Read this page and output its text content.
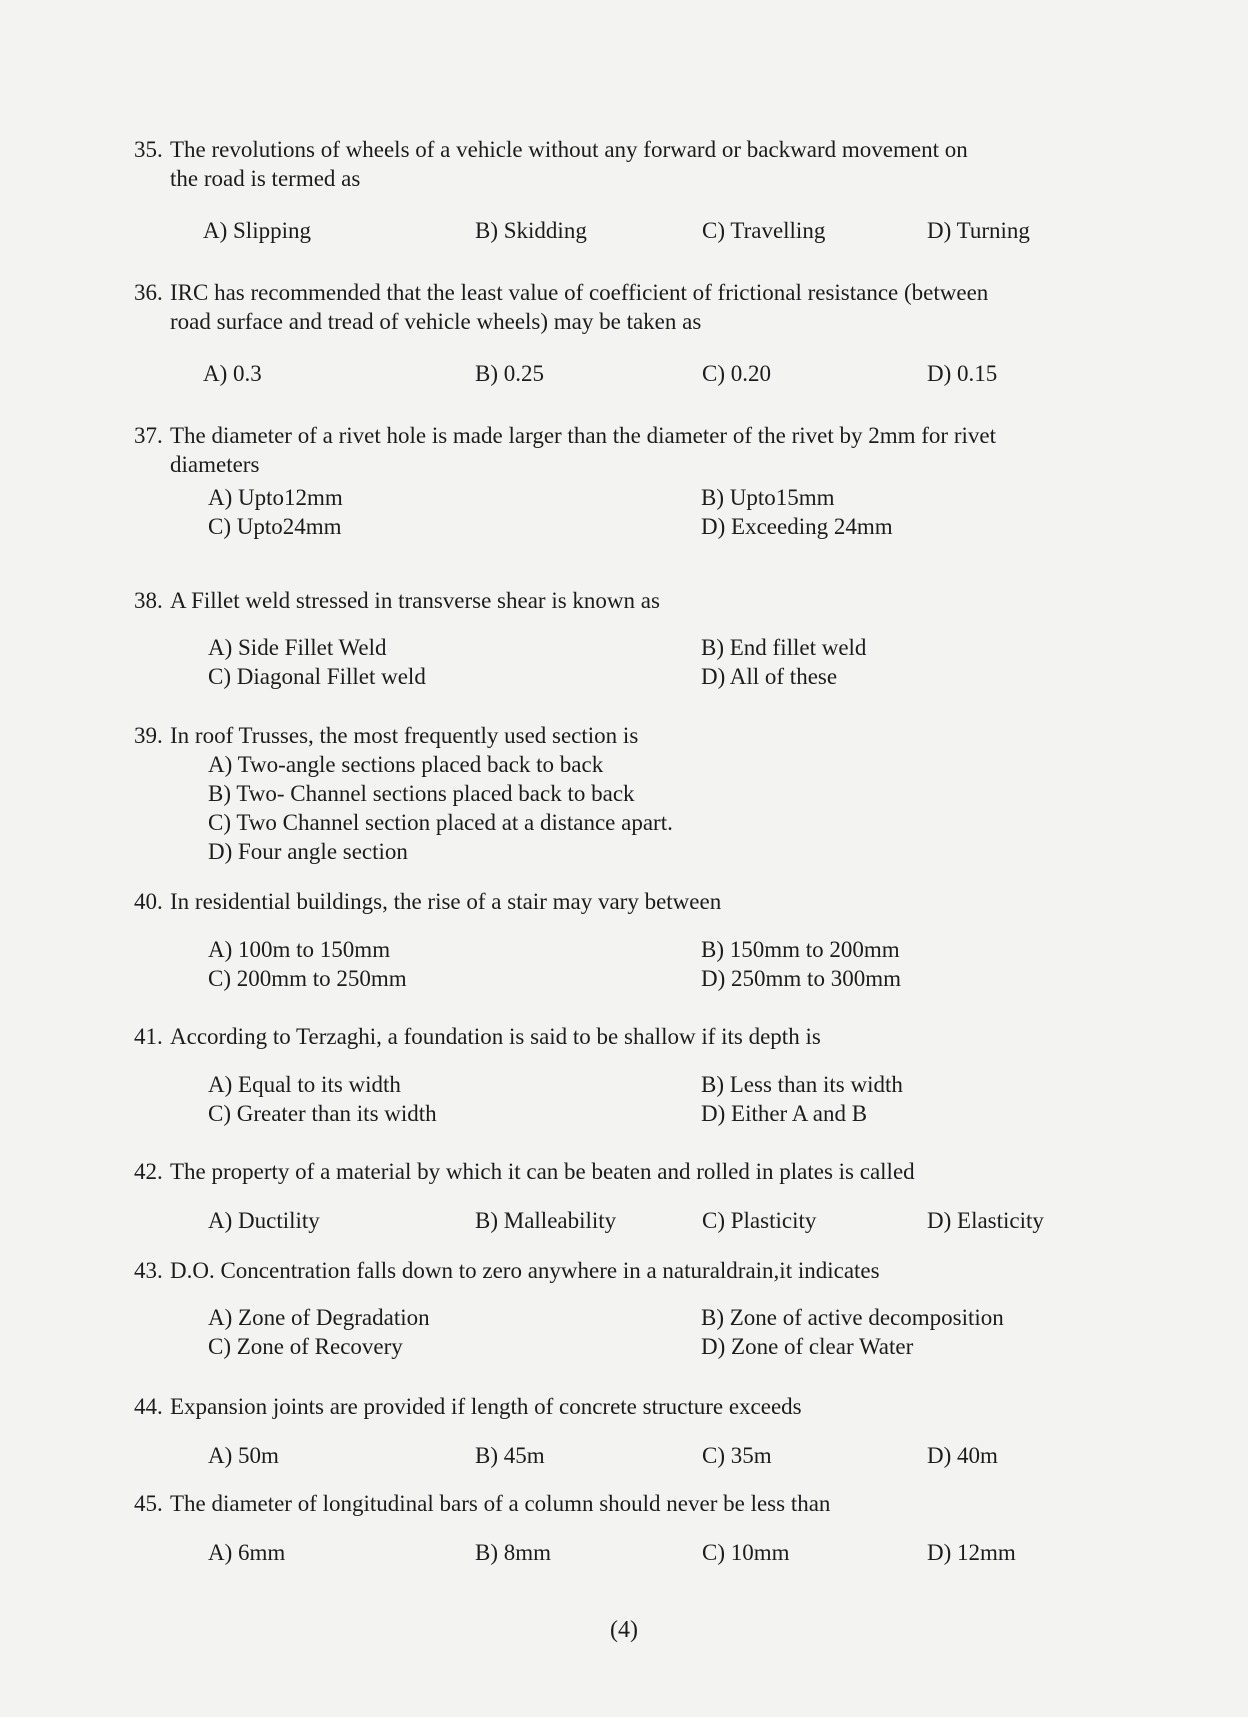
35. The revolutions of wheels of a vehicle without any forward or backward movement on
the road is termed as

A) Slipping	B) Skidding	C) Travelling	D) Turning

36. IRC has recommended that the least value of coefficient of frictional resistance (between
road surface and tread of vehicle wheels) may be taken as

A) 0.3	B) 0.25	C) 0.20	D) 0.15

37. The diameter of a rivet hole is made larger than the diameter of the rivet by 2mm for rivet
diameters

A) Upto12mm	B) Upto15mm
C) Upto24mm	D) Exceeding 24mm

38. A Fillet weld stressed in transverse shear is known as

A) Side Fillet Weld	B) End fillet weld
C) Diagonal Fillet weld	D) All of these

39. In roof Trusses, the most frequently used section is

A) Two-angle sections placed back to back
B) Two- Channel sections placed back to back
C) Two Channel section placed at a distance apart.
D) Four angle section

40. In residential buildings, the rise of a stair may vary between

A) 100m to 150mm	B) 150mm to 200mm
C) 200mm to 250mm	D) 250mm to 300mm

41. According to Terzaghi, a foundation is said to be shallow if its depth is

A) Equal to its width	B) Less than its width
C) Greater than its width	D) Either A and B

42. The property of a material by which it can be beaten and rolled in plates is called

A) Ductility	B) Malleability	C) Plasticity	D) Elasticity

43. D.O. Concentration falls down to zero anywhere in a naturaldrain,it indicates

A) Zone of Degradation	B) Zone of active decomposition
C) Zone of Recovery	D) Zone of clear Water

44. Expansion joints are provided if length of concrete structure exceeds

A) 50m	B) 45m	C) 35m	D) 40m

45. The diameter of longitudinal bars of a column should never be less than

A) 6mm	B) 8mm	C) 10mm	D) 12mm
(4)
